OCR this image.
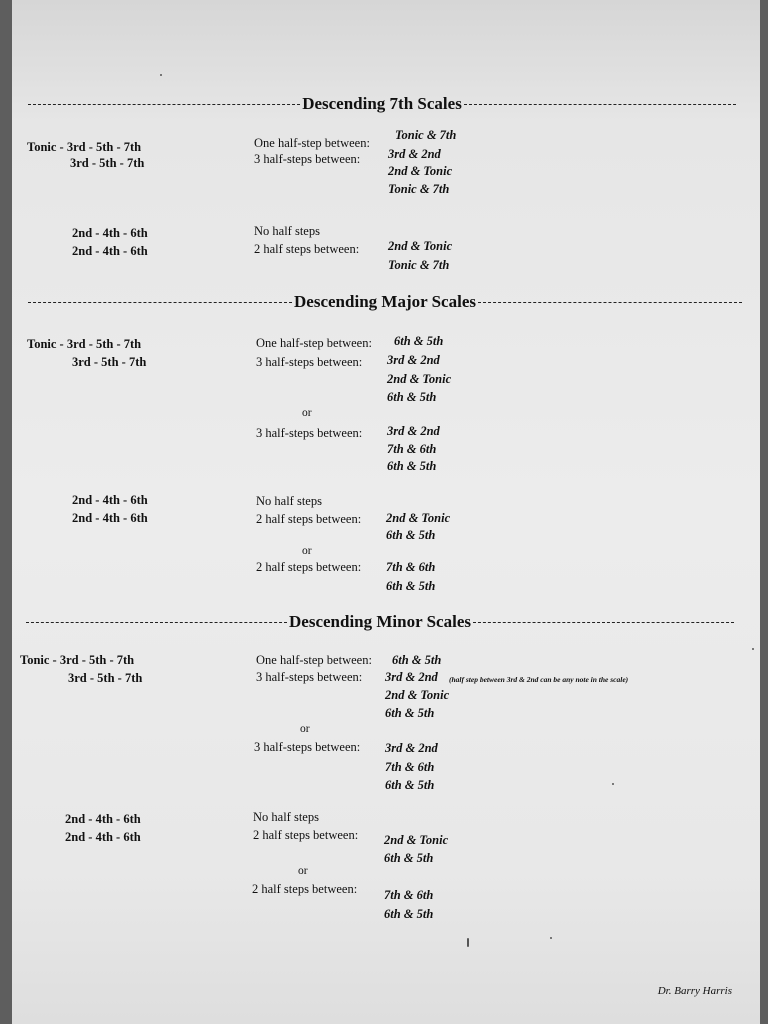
Descending 7th Scales
Tonic - 3rd - 5th - 7th
3rd - 5th - 7th
One half-step between:
Tonic & 7th
3 half-steps between: 3rd & 2nd
2nd & Tonic
Tonic & 7th
2nd - 4th - 6th
2nd - 4th - 6th
No half steps
2 half steps between: 2nd & Tonic
Tonic & 7th
Descending Major Scales
Tonic - 3rd - 5th - 7th
3rd - 5th - 7th
One half-step between: 6th & 5th
3 half-steps between: 3rd & 2nd
2nd & Tonic
6th & 5th
or
3 half-steps between: 3rd & 2nd
7th & 6th
6th & 5th
2nd - 4th - 6th
2nd - 4th - 6th
No half steps
2 half steps between: 2nd & Tonic
6th & 5th
or
2 half steps between: 7th & 6th
6th & 5th
Descending Minor Scales
Tonic - 3rd - 5th - 7th
3rd - 5th - 7th
One half-step between: 6th & 5th
3 half-steps between: 3rd & 2nd (half step between 3rd & 2nd can be any note in the scale)
2nd & Tonic
6th & 5th
or
3 half-steps between: 3rd & 2nd
7th & 6th
6th & 5th
2nd - 4th - 6th
2nd - 4th - 6th
No half steps
2 half steps between: 2nd & Tonic
6th & 5th
or
2 half steps between: 7th & 6th
6th & 5th
Dr. Barry Harris
